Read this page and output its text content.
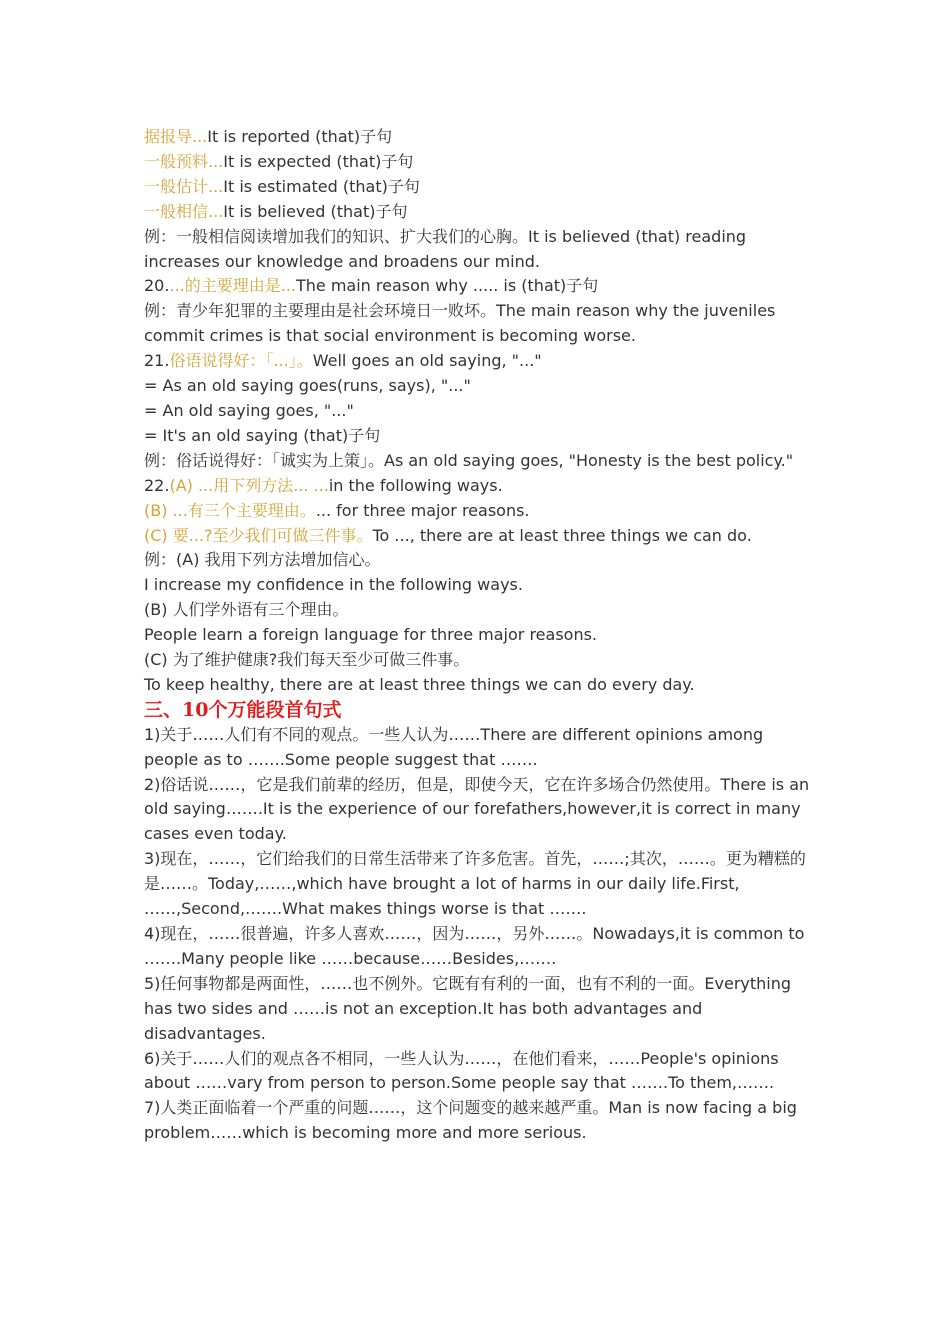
据报导...It is reported (that)子句

一般预料...It is expected (that)子句

一般估计...It is estimated (that)子句

一般相信...It is believed (that)子句

例：一般相信阅读增加我们的知识、扩大我们的心胸。It is believed (that) reading increases our knowledge and broadens our mind.

20....的主要理由是...The main reason why ..... is (that)子句

例：青少年犯罪的主要理由是社会环境日一败坏。The main reason why the juveniles commit crimes is that social environment is becoming worse.

21.俗语说得好：「...」。Well goes an old saying, "..."

= As an old saying goes(runs, says), "..."

= An old saying goes, "..."

= It's an old saying (that)子句

例：俗话说得好：「诚实为上策」。As an old saying goes, "Honesty is the best policy."

22.(A) ...用下列方法... ...in the following ways.

(B) ...有三个主要理由。... for three major reasons.

(C) 要...?至少我们可做三件事。To ..., there are at least three things we can do.

例：(A) 我用下列方法增加信心。

I increase my confidence in the following ways.

(B) 人们学外语有三个理由。

People learn a foreign language for three major reasons.

(C) 为了维护健康?我们每天至少可做三件事。

To keep healthy, there are at least three things we can do every day.

三、10个万能段首句式

1)关于……人们有不同的观点。一些人认为……There are different opinions among people as to …….Some people suggest that …….

2)俗话说……，它是我们前辈的经历，但是，即使今天，它在许多场合仍然使用。There is an old saying…….It is the experience of our forefathers,however,it is correct in many cases even today.

3)现在，……，它们给我们的日常生活带来了许多危害。首先，……;其次，……。更为糟糕的是……。Today,……,which have brought a lot of harms in our daily life.First, ……,Second,…….What makes things worse is that …….

4)现在，……很普遍，许多人喜欢……，因为……，另外……。Nowadays,it is common to …….Many people like ……because……Besides,…….

5)任何事物都是两面性，……也不例外。它既有有利的一面，也有不利的一面。Everything has two sides and ……is not an exception.It has both advantages and disadvantages.

6)关于……人们的观点各不相同，一些人认为……，在他们看来，……People's opinions about ……vary from person to person.Some people say that …….To them,…….

7)人类正面临着一个严重的问题……，这个问题变的越来越严重。Man is now facing a big problem……which is becoming more and more serious.
